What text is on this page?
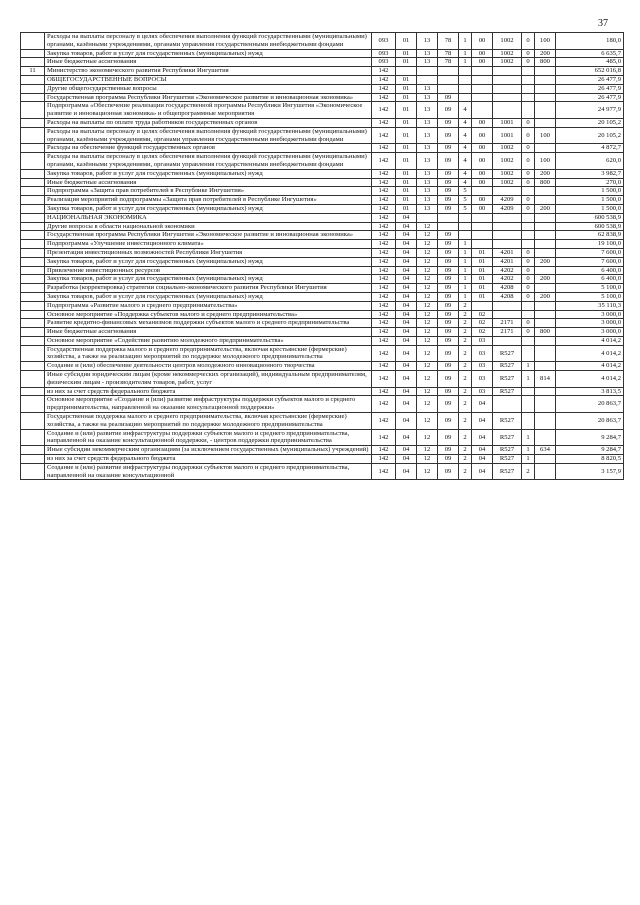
37
	Расходы на выплаты персоналу в целях обеспечения выполнения функций государственными (муниципальными) органами, казёнными учреждениями, органами управления государственными внебюджетными фондами	093	01	13	78	1	00	1002	0	100	180,0
	Закупка товаров, работ и услуг для государственных (муниципальных) нужд	093	01	13	78	1	00	1002	0	200	6 635,7
	Иные бюджетные ассигнования	093	01	13	78	1	00	1002	0	800	485,0
11	Министерство экономического развития Республики Ингушетия	142									652 016,8
	ОБЩЕГОСУДАРСТВЕННЫЕ ВОПРОСЫ	142	01								26 477,9
	Другие общегосударственные вопросы	142	01	13							26 477,9
	Государственная программа Республики Ингушетия «Экономическое развитие и инновационная экономика»	142	01	13	09						26 477,9
	Подпрограмма «Обеспечение реализации государственной программы Республики Ингушетия «Экономическое развитие и инновационная экономика» и общепрограммные мероприятия	142	01	13	09	4					24 977,9
	Расходы на выплаты по оплате труда работников государственных органов	142	01	13	09	4	00	1001	0		20 105,2
	Расходы на выплаты персоналу в целях обеспечения выполнения функций государственными (муниципальными) органами, казёнными учреждениями, органами управления государственными внебюджетными фондами	142	01	13	09	4	00	1001	0	100	20 105,2
	Расходы на обеспечение функций государственных органов	142	01	13	09	4	00	1002	0		4 872,7
	Расходы на выплаты персоналу в целях обеспечения выполнения функций государственными (муниципальными) органами, казёнными учреждениями, органами управления государственными внебюджетными фондами	142	01	13	09	4	00	1002	0	100	620,0
	Закупка товаров, работ и услуг для государственных (муниципальных) нужд	142	01	13	09	4	00	1002	0	200	3 982,7
	Иные бюджетные ассигнования	142	01	13	09	4	00	1002	0	800	270,0
	Подпрограмма «Защита прав потребителей в Республике Ингушетия»	142	01	13	09	5					1 500,0
	Реализация мероприятий подпрограммы «Защита прав потребителей в Республике Ингушетия»	142	01	13	09	5	00	4209	0		1 500,0
	Закупка товаров, работ и услуг для государственных (муниципальных) нужд	142	01	13	09	5	00	4209	0	200	1 500,0
	НАЦИОНАЛЬНАЯ ЭКОНОМИКА	142	04								600 538,9
	Другие вопросы в области национальной экономики	142	04	12							600 538,9
	Государственная программа Республики Ингушетия «Экономическое развитие и инновационная экономика»	142	04	12	09						62 838,9
	Подпрограмма «Улучшение инвестиционного климата»	142	04	12	09	1					19 100,0
	Презентация инвестиционных возможностей Республики Ингушетия	142	04	12	09	1	01	4201	0		7 600,0
	Закупка товаров, работ и услуг для государственных (муниципальных) нужд	142	04	12	09	1	01	4201	0	200	7 600,0
	Привлечение инвестиционных ресурсов	142	04	12	09	1	01	4202	0		6 400,0
	Закупка товаров, работ и услуг для государственных (муниципальных) нужд	142	04	12	09	1	01	4202	0	200	6 400,0
	Разработка (корректировка) стратегии социально-экономического развития Республики Ингушетия	142	04	12	09	1	01	4208	0		5 100,0
	Закупка товаров, работ и услуг для государственных (муниципальных) нужд	142	04	12	09	1	01	4208	0	200	5 100,0
	Подпрограмма «Развитие малого и среднего предпринимательства»	142	04	12	09	2					35 110,3
	Основное мероприятие «Поддержка субъектов малого и среднего предпринимательства»	142	04	12	09	2	02				3 000,0
	Развитие кредитно-финансовых механизмов поддержки субъектов малого и среднего предпринимательства	142	04	12	09	2	02	2171	0		3 000,0
	Иные бюджетные ассигнования	142	04	12	09	2	02	2171	0	800	3 000,0
	Основное мероприятие «Содействие развитию молодежного предпринимательства»	142	04	12	09	2	03				4 014,2
	Государственная поддержка малого и среднего предпринимательства, включая крестьянские (фермерские) хозяйства, а также на реализацию мероприятий по поддержке молодежного предпринимательства	142	04	12	09	2	03	R527			4 014,2
	Создание и (или) обеспечение деятельности центров молодежного инновационного творчества	142	04	12	09	2	03	R527	1		4 014,2
	Иные субсидии юридическим лицам (кроме некоммерческих организаций), индивидуальным предпринимателям, физическим лицам - производителям товаров, работ, услуг	142	04	12	09	2	03	R527	1	814	4 014,2
	из них за счет средств федерального бюджета	142	04	12	09	2	03	R527			3 813,5
	Основное мероприятие «Создание и (или) развитие инфраструктуры поддержки субъектов малого и среднего предпринимательства, направленной на оказание консультационной поддержки»	142	04	12	09	2	04				20 863,7
	Государственная поддержка малого и среднего предпринимательства, включая крестьянские (фермерские) хозяйства, а также на реализацию мероприятий по поддержке молодежного предпринимательства	142	04	12	09	2	04	R527			20 863,7
	Создание и (или) развитие инфраструктуры поддержки субъектов малого и среднего предпринимательства, направленной на оказание консультационной поддержки, - центров поддержки предпринимательства	142	04	12	09	2	04	R527	1		9 284,7
	Иные субсидии некоммерческим организациям (за исключением государственных (муниципальных) учреждений)	142	04	12	09	2	04	R527	1	634	9 284,7
	из них за счет средств федерального бюджета	142	04	12	09	2	04	R527	1		8 820,5
	Создание и (или) развитие инфраструктуры поддержки субъектов малого и среднего предпринимательства, направленной на оказание консультационной	142	04	12	09	2	04	R527	2		3 157,9
